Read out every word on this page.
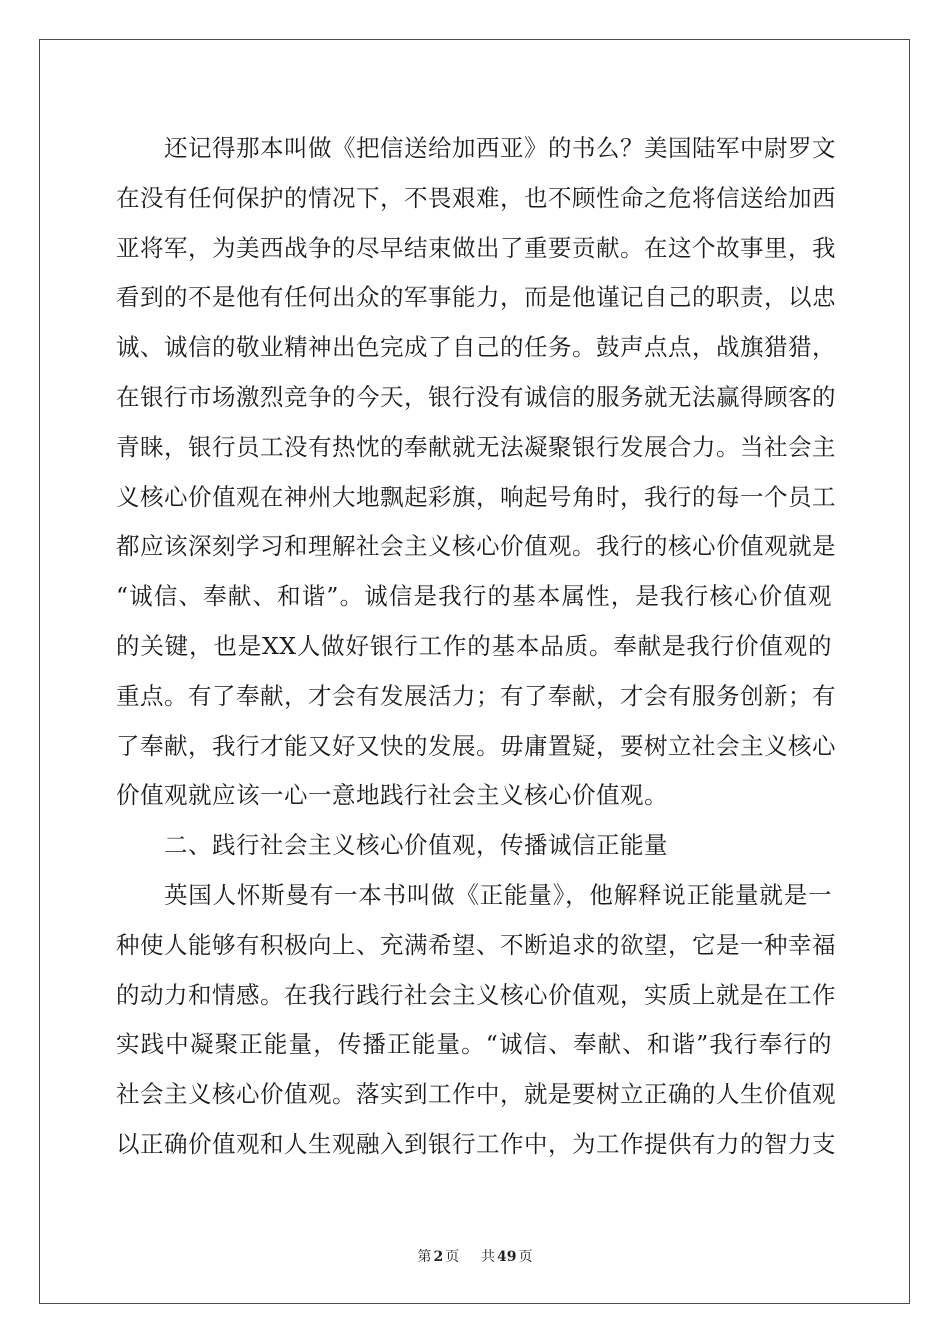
还记得那本叫做《把信送给加西亚》的书么？美国陆军中尉罗文
在没有任何保护的情况下，不畏艰难，也不顾性命之危将信送给加西
亚将军，为美西战争的尽早结束做出了重要贡献。在这个故事里，我
看到的不是他有任何出众的军事能力，而是他谨记自己的职责，以忠
诚、诚信的敬业精神出色完成了自己的任务。鼓声点点，战旗猎猎，
在银行市场激烈竞争的今天，银行没有诚信的服务就无法赢得顾客的
青睐，银行员工没有热忱的奉献就无法凝聚银行发展合力。当社会主
义核心价值观在神州大地飘起彩旗，响起号角时，我行的每一个员工
都应该深刻学习和理解社会主义核心价值观。我行的核心价值观就是
“诚信、奉献、和谐”。诚信是我行的基本属性，是我行核心价值观
的关键，也是XX人做好银行工作的基本品质。奉献是我行价值观的
重点。有了奉献，才会有发展活力；有了奉献，才会有服务创新；有
了奉献，我行才能又好又快的发展。毋庸置疑，要树立社会主义核心
价值观就应该一心一意地践行社会主义核心价值观。
二、践行社会主义核心价值观，传播诚信正能量
英国人怀斯曼有一本书叫做《正能量》，他解释说正能量就是一
种使人能够有积极向上、充满希望、不断追求的欲望，它是一种幸福
的动力和情感。在我行践行社会主义核心价值观，实质上就是在工作
实践中凝聚正能量，传播正能量。“诚信、奉献、和谐”我行奉行的
社会主义核心价值观。落实到工作中，就是要树立正确的人生价值观
以正确价值观和人生观融入到银行工作中，为工作提供有力的智力支
第 2 页 共 49 页
